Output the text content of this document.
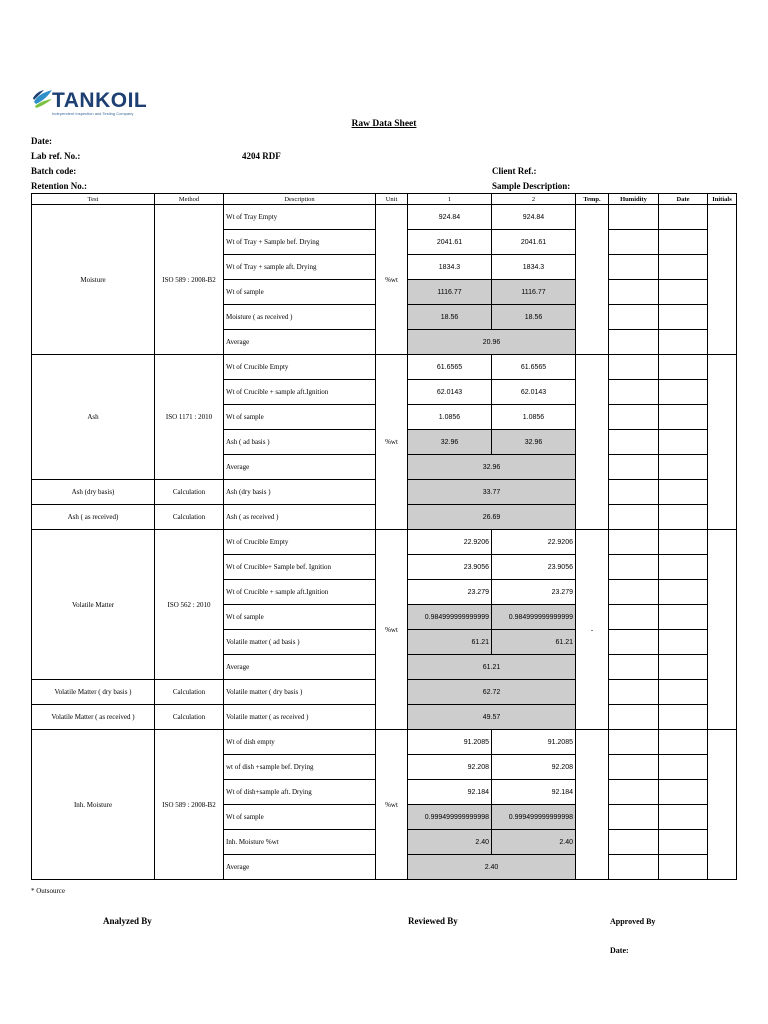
TANKOIL
Independent Inspection and Testing Company
Raw Data Sheet
Date:
Lab ref. No.:	4204 RDF
Batch code:
Retention No.:
Client Ref.:
Sample Description:
Test	Method	Description	Unit	1	2	Temp.	Humidity	Date	Initials
Moisture	ISO 589 : 2008-B2	Wt of Tray Empty	%wt	924.84	924.84				
		Wt of Tray + Sample bef. Drying		2041.61	2041.61				
		Wt of Tray + sample aft. Drying		1834.3	1834.3				
		Wt of sample		1116.77	1116.77				
		Moisture ( as received )		18.56	18.56				
		Average		20.96					
Ash	ISO 1171 : 2010	Wt of Crucible Empty	%wt	61.6565	61.6565				
		Wt of Crucible + sample aft.Ignition		62.0143	62.0143				
		Wt of sample		1.0856	1.0856				
		Ash ( ad basis )		32.96	32.96				
		Average		32.96					
Ash (dry basis)	Calculation	Ash (dry basis )		33.77					
Ash ( as received)	Calculation	Ash ( as received )		26.69					
Volatile Matter	ISO 562 : 2010	Wt of Crucible Empty	%wt	22.9206	22.9206	-			
		Wt of Crucible+ Sample bef. Ignition		23.9056	23.9056				
		Wt of Crucible + sample aft.Ignition		23.279	23.279				
		Wt of sample		0.984999999999999	0.984999999999999				
		Volatile matter ( ad basis )		61.21	61.21				
		Average		61.21					
Volatile Matter ( dry basis )	Calculation	Volatile matter ( dry basis )		62.72					
Volatile Matter ( as received )	Calculation	Volatile matter ( as received )		49.57					
Inh. Moisture	ISO 589 : 2008-B2	Wt of dish empty	%wt	91.2085	91.2085				
		wt of dish +sample bef. Drying		92.208	92.208				
		Wt of dish+sample aft. Drying		92.184	92.184				
		Wt of sample		0.999499999999998	0.999499999999998				
		Inh. Moisture %wt		2.40	2.40				
		Average		2.40					
* Outsource
Analyzed By	Reviewed By	Approved By
Date:
